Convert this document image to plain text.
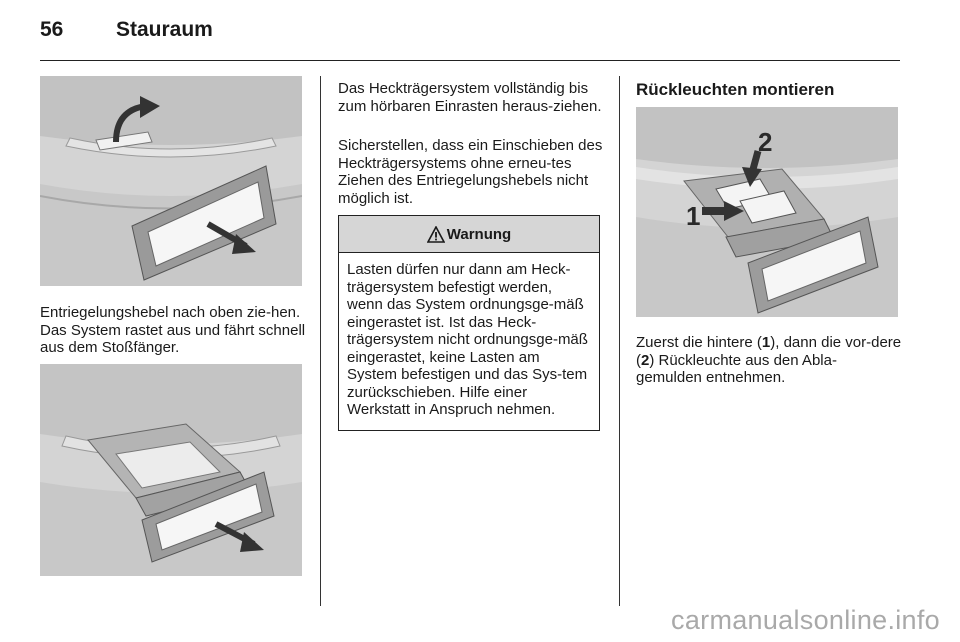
56	Stauraum
Entriegelungshebel nach oben zie-hen. Das System rastet aus und fährt schnell aus dem Stoßfänger.
Das Heckträgersystem vollständig bis zum hörbaren Einrasten heraus-ziehen.
Sicherstellen, dass ein Einschieben des Heckträgersystems ohne erneu-tes Ziehen des Entriegelungshebels nicht möglich ist.
Warnung
Lasten dürfen nur dann am Heck-trägersystem befestigt werden, wenn das System ordnungsge-mäß eingerastet ist. Ist das Heck-trägersystem nicht ordnungsge-mäß eingerastet, keine Lasten am System befestigen und das Sys-tem zurückschieben. Hilfe einer Werkstatt in Anspruch nehmen.
Rückleuchten montieren
1
2
Zuerst die hintere (1), dann die vor-dere (2) Rückleuchte aus den Abla-gemulden entnehmen.
carmanualsonline.info
